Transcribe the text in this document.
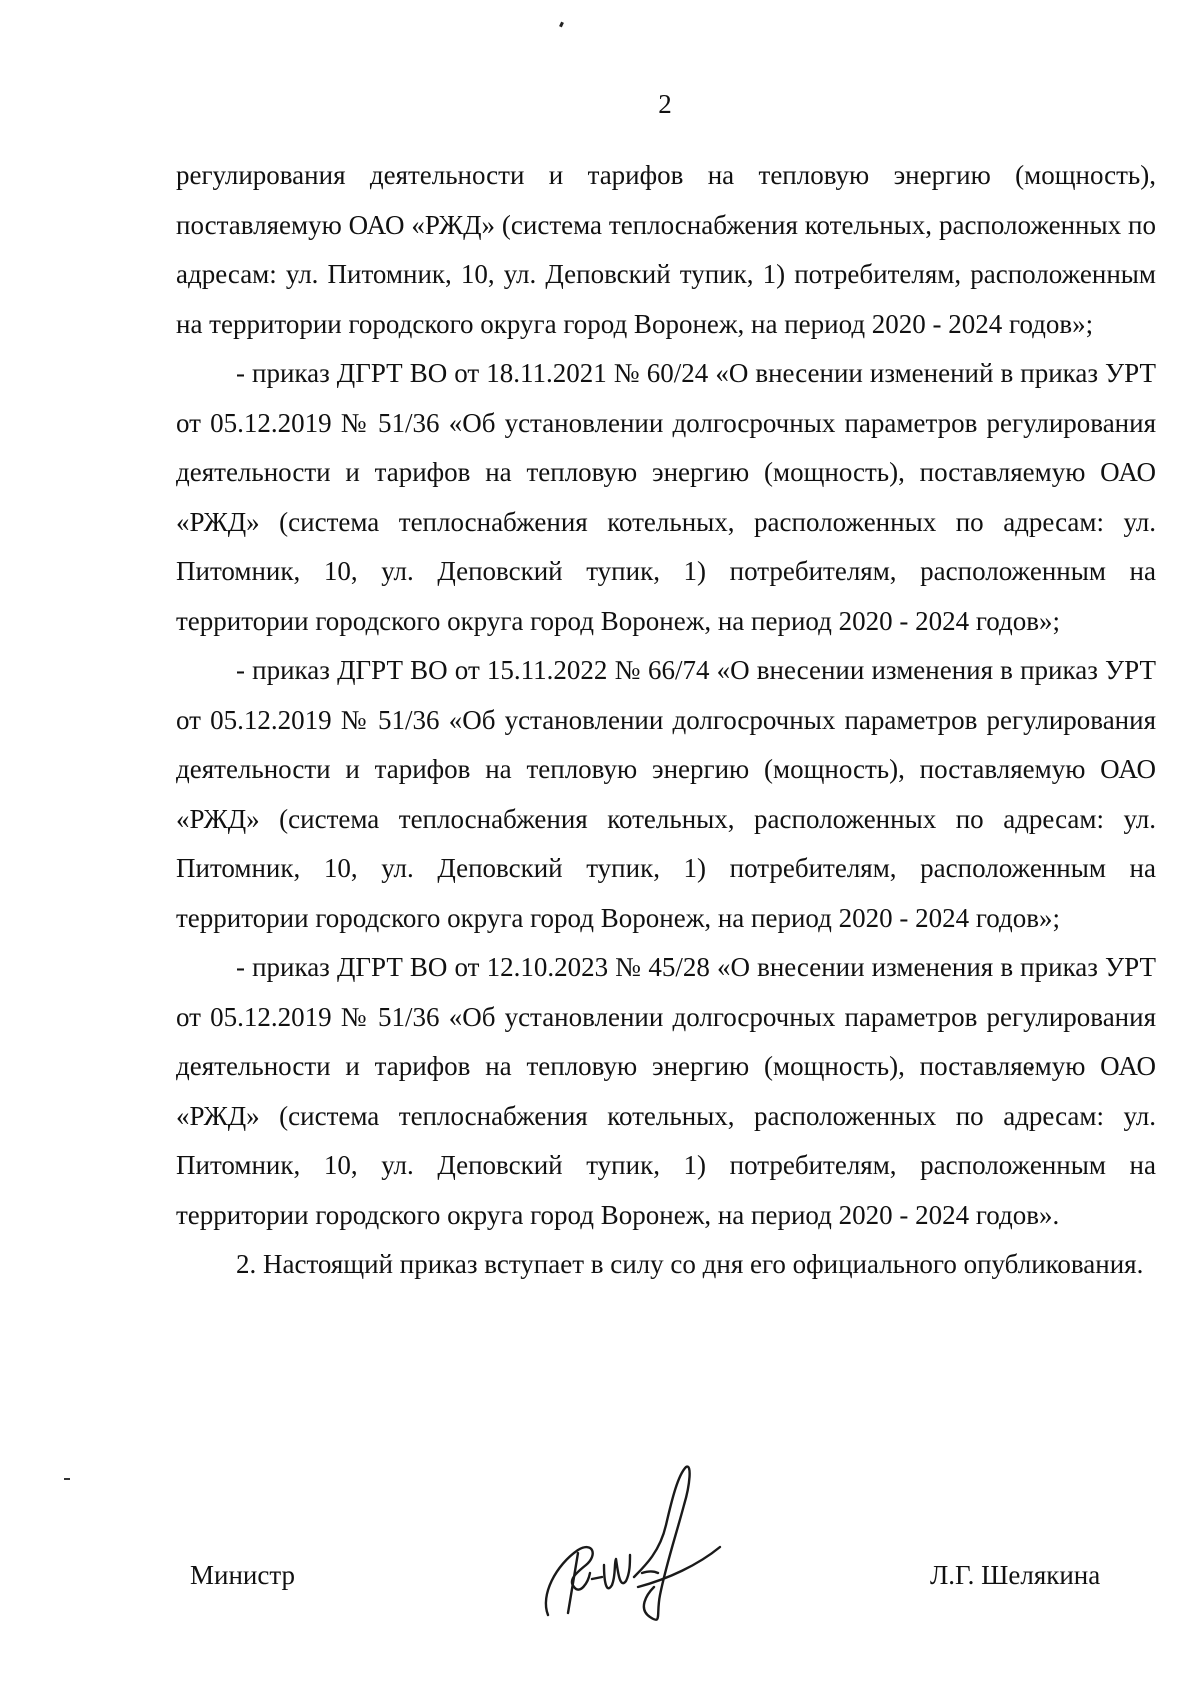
2

регулирования деятельности и тарифов на тепловую энергию (мощность), поставляемую ОАО «РЖД» (система теплоснабжения котельных, расположенных по адресам: ул. Питомник, 10, ул. Деповский тупик, 1) потребителям, расположенным на территории городского округа город Воронеж, на период 2020 - 2024 годов»;

- приказ ДГРТ ВО от 18.11.2021 № 60/24 «О внесении изменений в приказ УРТ от 05.12.2019 № 51/36 «Об установлении долгосрочных параметров регулирования деятельности и тарифов на тепловую энергию (мощность), поставляемую ОАО «РЖД» (система теплоснабжения котельных, расположенных по адресам: ул. Питомник, 10, ул. Деповский тупик, 1) потребителям, расположенным на территории городского округа город Воронеж, на период 2020 - 2024 годов»;

- приказ ДГРТ ВО от 15.11.2022 № 66/74 «О внесении изменения в приказ УРТ от 05.12.2019 № 51/36 «Об установлении долгосрочных параметров регулирования деятельности и тарифов на тепловую энергию (мощность), поставляемую ОАО «РЖД» (система теплоснабжения котельных, расположенных по адресам: ул. Питомник, 10, ул. Деповский тупик, 1) потребителям, расположенным на территории городского округа город Воронеж, на период 2020 - 2024 годов»;

- приказ ДГРТ ВО от 12.10.2023 № 45/28 «О внесении изменения в приказ УРТ от 05.12.2019 № 51/36 «Об установлении долгосрочных параметров регулирования деятельности и тарифов на тепловую энергию (мощность), поставляемую ОАО «РЖД» (система теплоснабжения котельных, расположенных по адресам: ул. Питомник, 10, ул. Деповский тупик, 1) потребителям, расположенным на территории городского округа город Воронеж, на период 2020 - 2024 годов».

2. Настоящий приказ вступает в силу со дня его официального опубликования.

Министр	Л.Г. Шелякина
